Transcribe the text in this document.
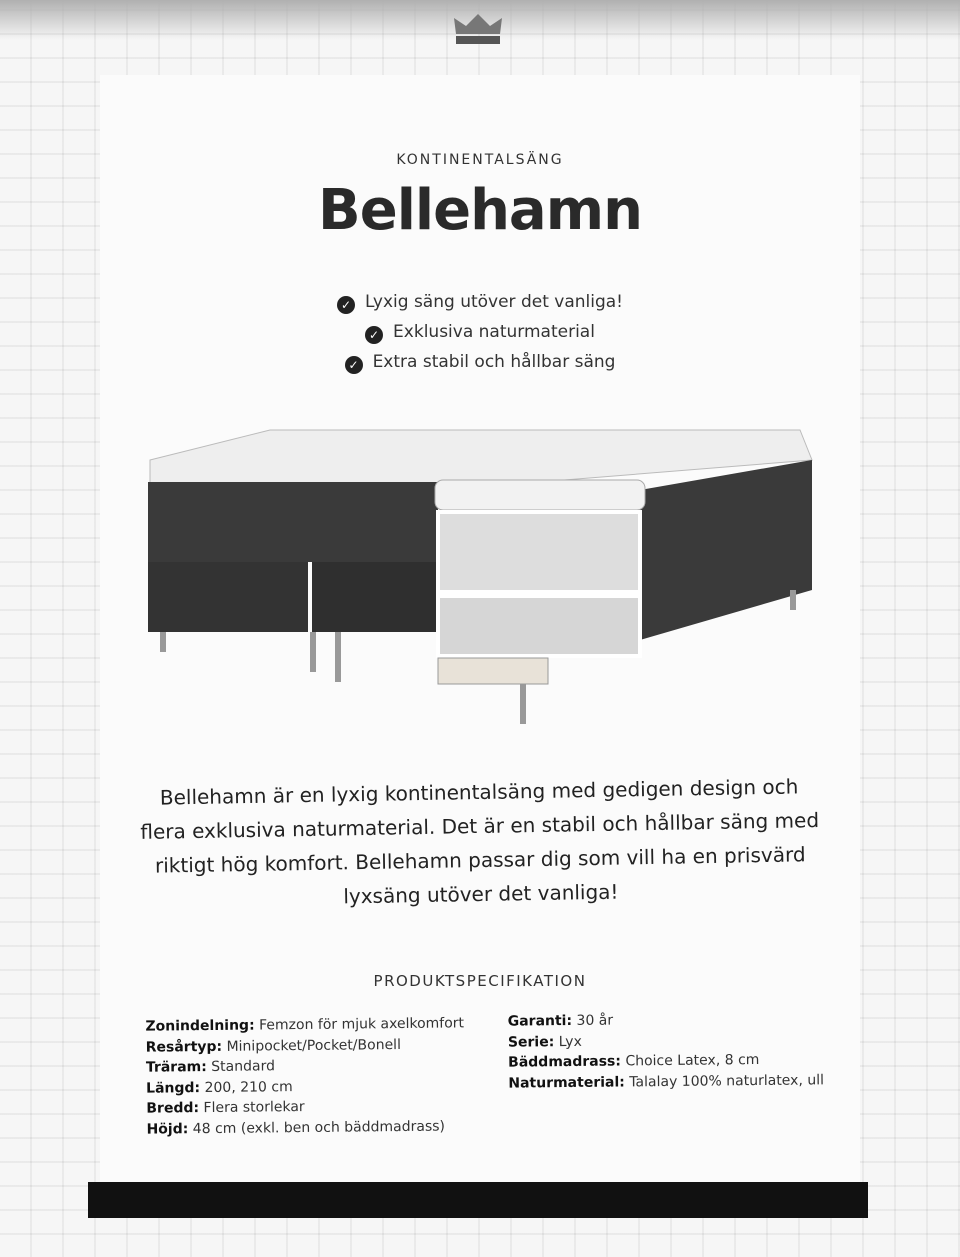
KONTINENTALSÄNG
Bellehamn
✓ Lyxig säng utöver det vanliga!
✓ Exklusiva naturmaterial
✓ Extra stabil och hållbar säng
Bellehamn är en lyxig kontinentalsäng med gedigen design och flera exklusiva naturmaterial. Det är en stabil och hållbar säng med riktigt hög komfort. Bellehamn passar dig som vill ha en prisvärd lyxsäng utöver det vanliga!
PRODUKTSPECIFIKATION
Zonindelning: Femzon för mjuk axelkomfort
Resårtyp: Minipocket/Pocket/Bonell
Träram: Standard
Längd: 200, 210 cm
Bredd: Flera storlekar
Höjd: 48 cm (exkl. ben och bäddmadrass)
Garanti: 30 år
Serie: Lyx
Bäddmadrass: Choice Latex, 8 cm
Naturmaterial: Talalay 100% naturlatex, ull
